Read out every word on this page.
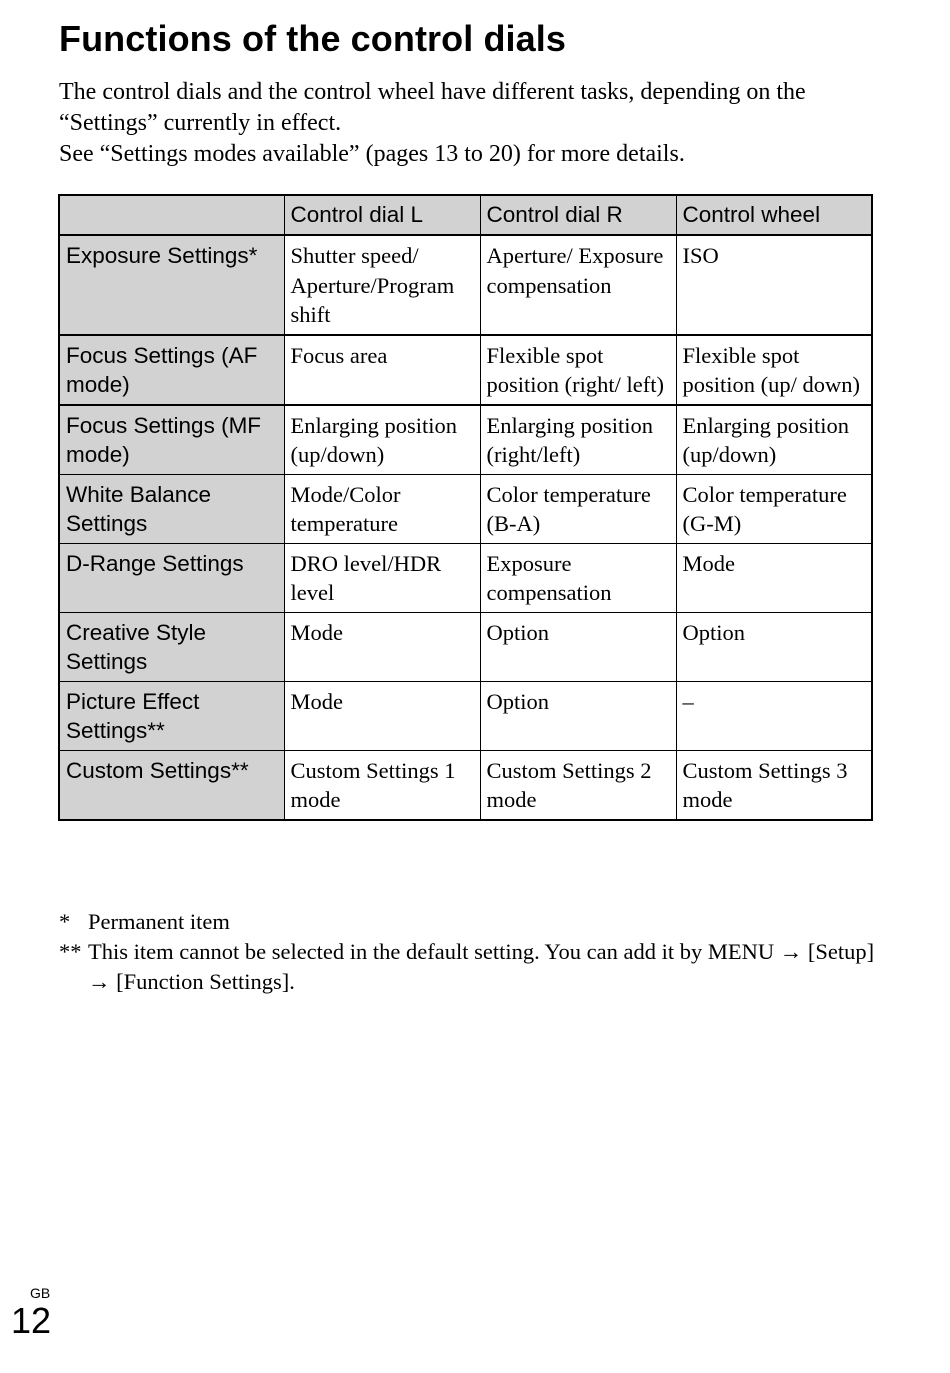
Functions of the control dials

The control dials and the control wheel have different tasks, depending on the “Settings” currently in effect.

See “Settings modes available” (pages 13 to 20) for more details.

	Control dial L	Control dial R	Control wheel
Exposure Settings*	Shutter speed/ Aperture/Program shift	Aperture/ Exposure compensation	ISO
Focus Settings (AF mode)	Focus area	Flexible spot position (right/ left)	Flexible spot position (up/ down)
Focus Settings (MF mode)	Enlarging position (up/down)	Enlarging position (right/left)	Enlarging position (up/down)
White Balance Settings	Mode/Color temperature	Color temperature (B-A)	Color temperature (G-M)
D-Range Settings	DRO level/HDR level	Exposure compensation	Mode
Creative Style Settings	Mode	Option	Option
Picture Effect Settings**	Mode	Option	–
Custom Settings**	Custom Settings 1 mode	Custom Settings 2 mode	Custom Settings 3 mode
* Permanent item
** This item cannot be selected in the default setting. You can add it by MENU → [Setup] → [Function Settings].
GB
12
